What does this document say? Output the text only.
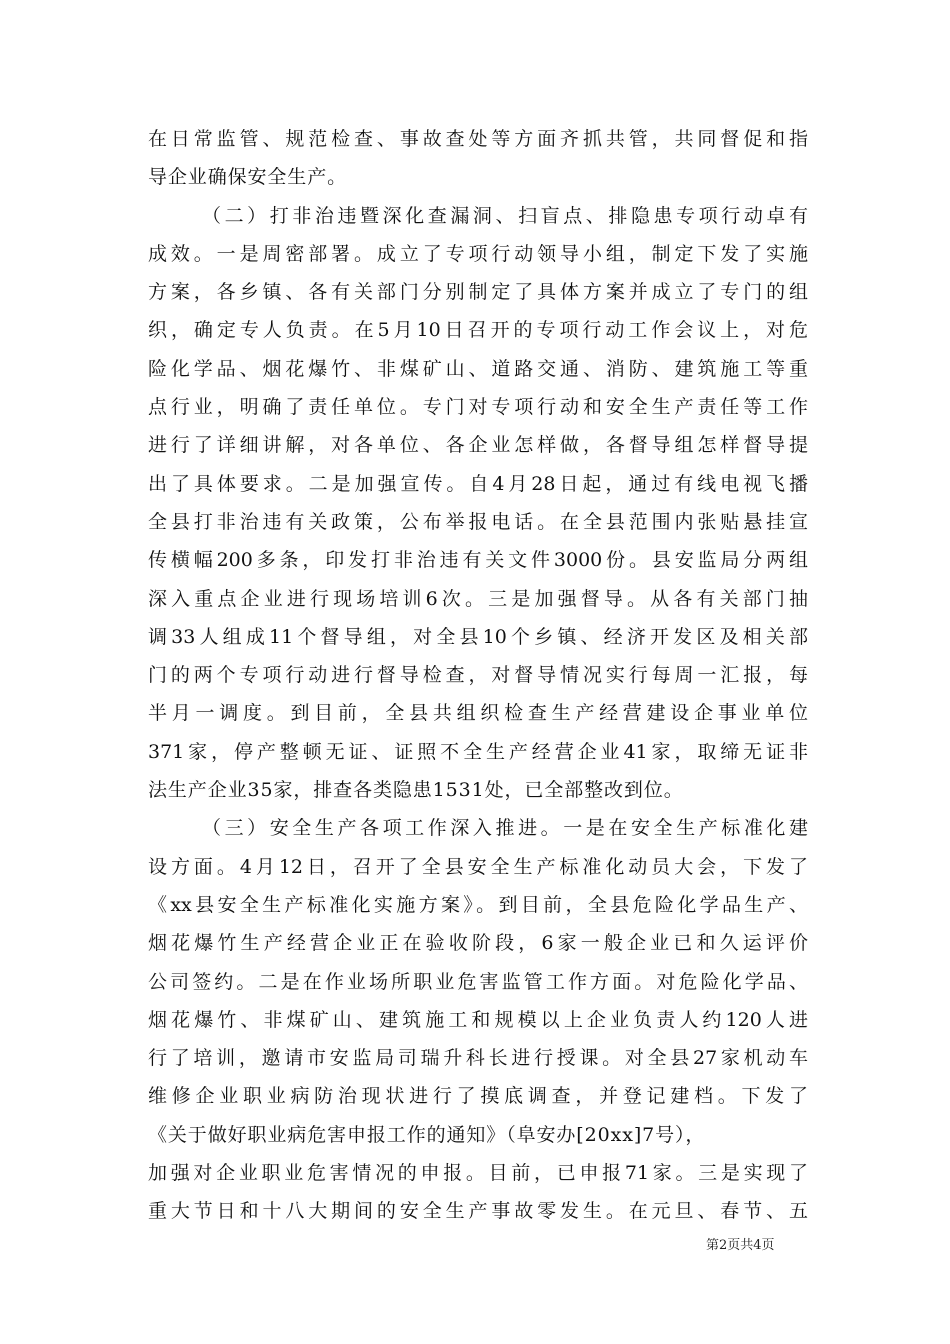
在日常监管、规范检查、事故查处等方面齐抓共管，共同督促和指
导企业确保安全生产。
（二）打非治违暨深化查漏洞、扫盲点、排隐患专项行动卓有
成效。一是周密部署。成立了专项行动领导小组，制定下发了实施
方案，各乡镇、各有关部门分别制定了具体方案并成立了专门的组
织，确定专人负责。在5月10日召开的专项行动工作会议上，对危
险化学品、烟花爆竹、非煤矿山、道路交通、消防、建筑施工等重
点行业，明确了责任单位。专门对专项行动和安全生产责任等工作
进行了详细讲解，对各单位、各企业怎样做，各督导组怎样督导提
出了具体要求。二是加强宣传。自4月28日起，通过有线电视飞播
全县打非治违有关政策，公布举报电话。在全县范围内张贴悬挂宣
传横幅200多条，印发打非治违有关文件3000份。县安监局分两组
深入重点企业进行现场培训6次。三是加强督导。从各有关部门抽
调33人组成11个督导组，对全县10个乡镇、经济开发区及相关部
门的两个专项行动进行督导检查，对督导情况实行每周一汇报，每
半月一调度。到目前，全县共组织检查生产经营建设企事业单位
371家，停产整顿无证、证照不全生产经营企业41家，取缔无证非
法生产企业35家，排查各类隐患1531处，已全部整改到位。
（三）安全生产各项工作深入推进。一是在安全生产标准化建
设方面。4月12日，召开了全县安全生产标准化动员大会，下发了
《xx县安全生产标准化实施方案》。到目前，全县危险化学品生产、
烟花爆竹生产经营企业正在验收阶段，6家一般企业已和久运评价
公司签约。二是在作业场所职业危害监管工作方面。对危险化学品、
烟花爆竹、非煤矿山、建筑施工和规模以上企业负责人约120人进
行了培训，邀请市安监局司瑞升科长进行授课。对全县27家机动车
维修企业职业病防治现状进行了摸底调查，并登记建档。下发了
《关于做好职业病危害申报工作的通知》（阜安办[20xx]7号），
加强对企业职业危害情况的申报。目前，已申报71家。三是实现了
重大节日和十八大期间的安全生产事故零发生。在元旦、春节、五
第2页共4页
